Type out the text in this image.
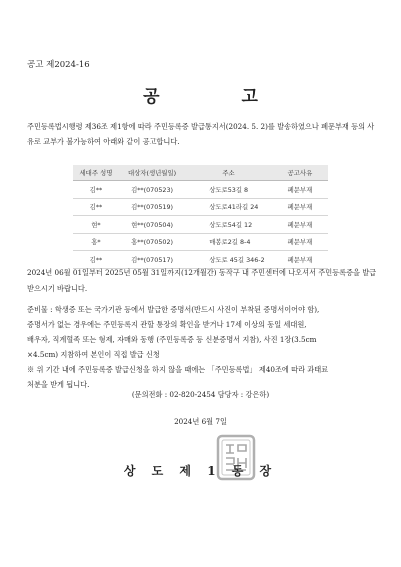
공고 제2024-16
공 고
주민등록법시행령 제36조 제1항에 따라 주민등록증 발급통지서(2024. 5. 2)를 발송하였으나 폐문부재 등의 사유로 교부가 불가능하여 아래와 같이 공고합니다.
세대주 성명	대상자(생년월일)	주소	공고사유
김**	김**(070523)	상도로53길 8	폐문부재
김**	김**(070519)	상도로41라길 24	폐문부재
현*	현**(070504)	상도로54길 12	폐문부재
홍*	홍**(070502)	매봉로2길 8-4	폐문부재
김**	김**(070517)	상도로 45길 346-2	폐문부재
2024년 06월 01일부터 2025년 05월 31일까지(12개월간) 동작구 내 주민센터에 나오셔서 주민등록증을 발급 받으시기 바랍니다.
준비물 : 학생증 또는 국가기관 등에서 발급한 증명서(반드시 사진이 부착된 증명서이어야 함),
증명서가 없는 경우에는 주민등록지 관할 통장의 확인을 받거나 17세 이상의 동일 세대원,
배우자, 직계혈족 또는 형제, 자매와 동행 (주민등록증 등 신분증명서 지참), 사진 1장(3.5cm
×4.5cm) 지참하여 본인이 직접 발급 신청
※ 위 기간 내에 주민등록증 발급신청을 하지 않을 때에는 「주민등록법」 제40조에 따라 과태료
처분을 받게 됩니다.
(문의전화 : 02-820-2454 담당자 : 강은하)
2024년 6월 7일
상 도 제 1 동 장
